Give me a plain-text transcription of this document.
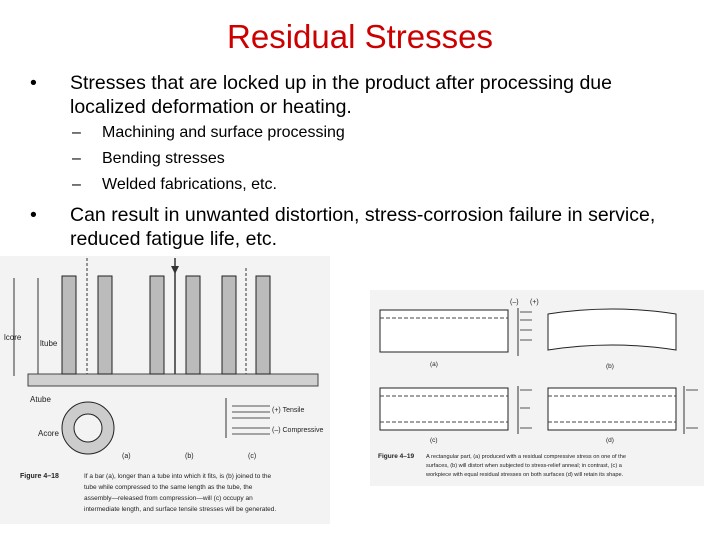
Residual Stresses
• Stresses that are locked up in the product after processing due localized deformation or heating.
– Machining and surface processing
– Bending stresses
– Welded fabrications, etc.
• Can result in unwanted distortion, stress-corrosion failure in service, reduced fatigue life, etc.
lcore
ltube
Atube
Acore
(+) Tensile
(–) Compressive
(a)	(b)	(c)
Figure 4–18	If a bar (a), longer than a tube into which it fits, is (b) joined to the
tube while compressed to the same length as the tube, the
assembly—released from compression—will (c) occupy an
intermediate length, and surface tensile stresses will be generated.
(–) (+)
(a)	(b)
(c)	(d)
Figure 4–19 A rectangular part, (a) produced with a residual compressive stress on one of the
surfaces, (b) will distort when subjected to stress-relief anneal; in contrast, (c) a
workpiece with equal residual stresses on both surfaces (d) will retain its shape.
